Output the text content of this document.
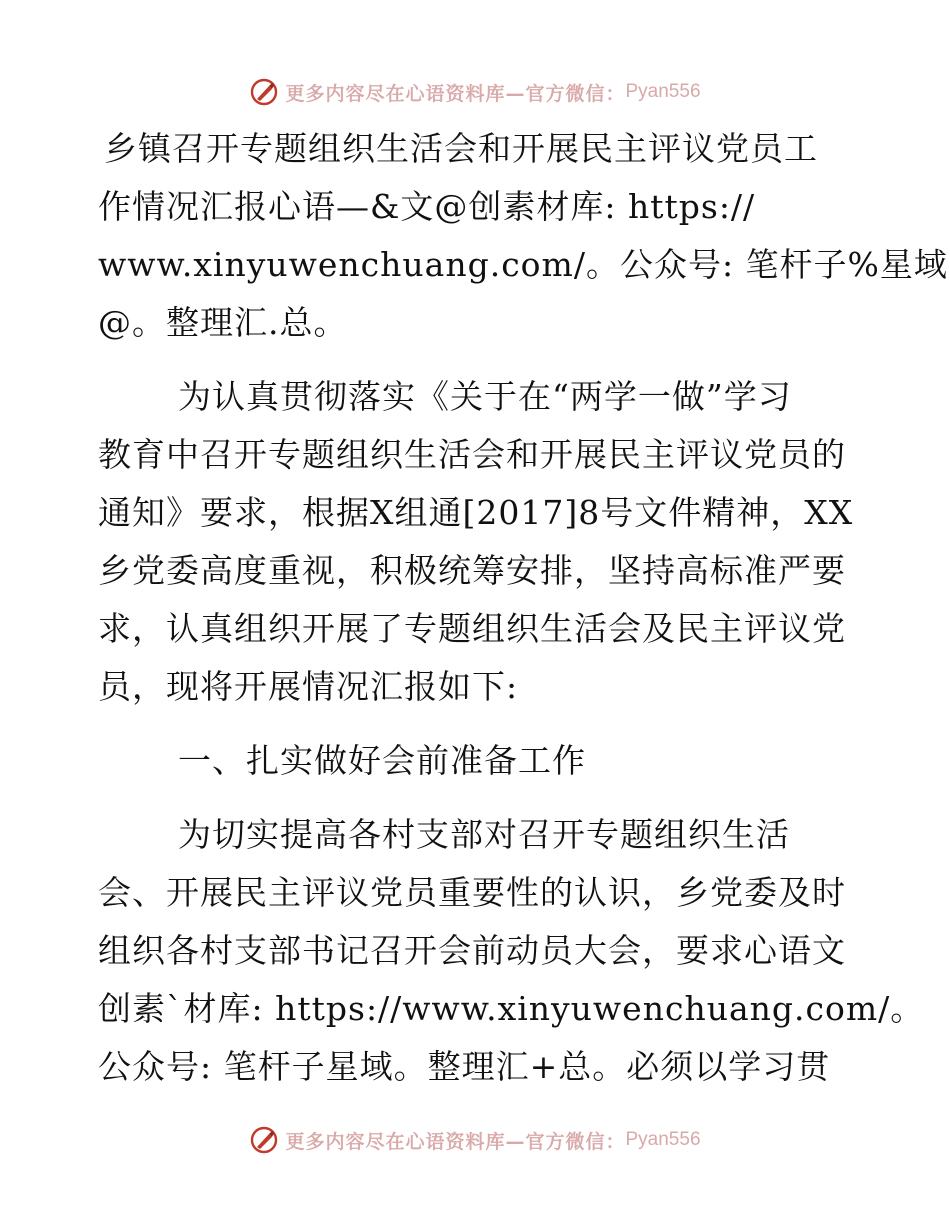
更多内容尽在心语资料库—官方微信： Pyan556
乡镇召开专题组织生活会和开展民主评议党员工
作情况汇报心语—&文@创素材库: https://
www.xinyuwenchuang.com/。公众号: 笔杆子%星域
@。整理汇.总。
为认真贯彻落实《关于在“两学一做”学习
教育中召开专题组织生活会和开展民主评议党员的
通知》要求，根据X组通[2017]8号文件精神，XX
乡党委高度重视，积极统筹安排，坚持高标准严要
求，认真组织开展了专题组织生活会及民主评议党
员，现将开展情况汇报如下:
一、扎实做好会前准备工作
为切实提高各村支部对召开专题组织生活
会、开展民主评议党员重要性的认识，乡党委及时
组织各村支部书记召开会前动员大会，要求心语文
创素`材库: https://www.xinyuwenchuang.com/。
公众号: 笔杆子星域。整理汇+总。必须以学习贯
更多内容尽在心语资料库—官方微信： Pyan556
